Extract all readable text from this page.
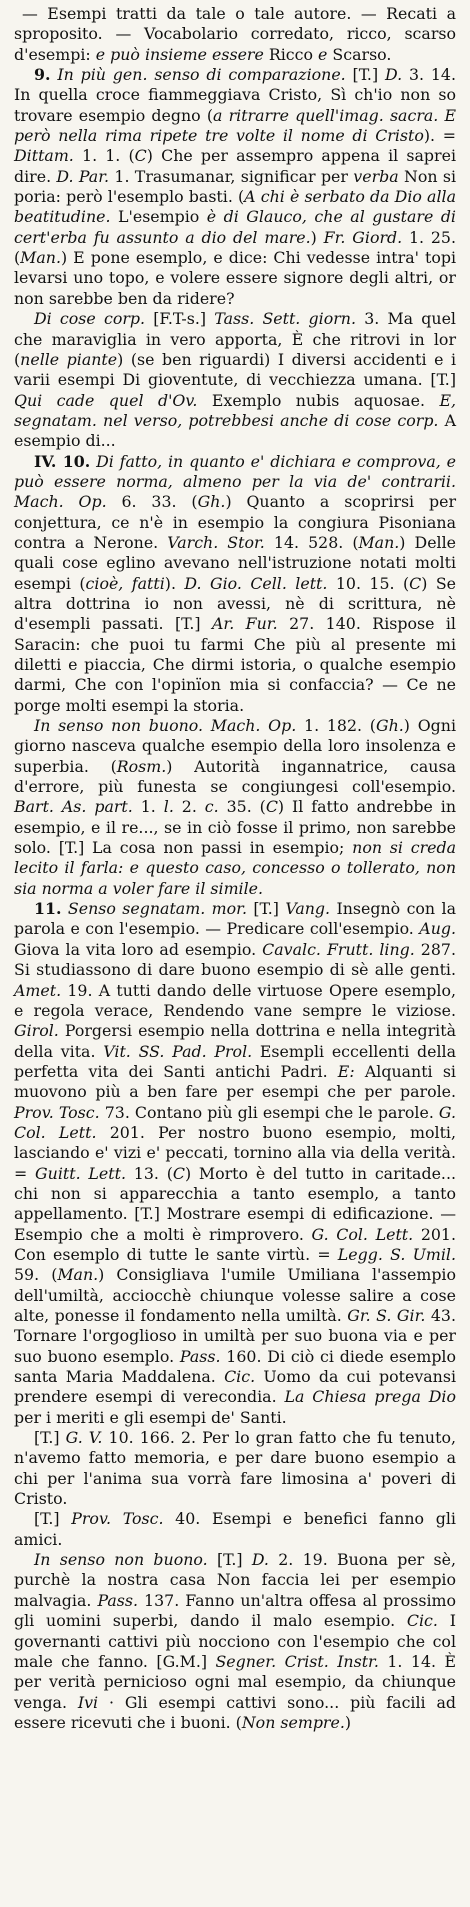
— Esempi tratti da tale o tale autore. — Recati a sproposito. — Vocabolario corredato, ricco, scarso d'esempi: e può insieme essere Ricco e Scarso.

9. In più gen. senso di comparazione. [T.] D. 3. 14. In quella croce fiammeggiava Cristo, Sì ch'io non so trovare esempio degno (a ritrarre quell'imag. sacra. E però nella rima ripete tre volte il nome di Cristo). = Dittam. 1. 1. (C) Che per assempro appena il saprei dire. D. Par. 1. Trasumanar, significar per verba Non si poria: però l'esemplo basti. (A chi è serbato da Dio alla beatitudine. L'esempio è di Glauco, che al gustare di cert'erba fu assunto a dio del mare.) Fr. Giord. 1. 25. (Man.) E pone esemplo, e dice: Chi vedesse intra' topi levarsi uno topo, e volere essere signore degli altri, or non sarebbe ben da ridere?

Di cose corp. [F.T-s.] Tass. Sett. giorn. 3. Ma quel che maraviglia in vero apporta, È che ritrovi in lor (nelle piante) (se ben riguardi) I diversi accidenti e i varii esempi Di gioventute, di vecchiezza umana. [T.] Qui cade quel d'Ov. Exemplo nubis aquosae. E, segnatam. nel verso, potrebbesi anche di cose corp. A esempio di...

IV. 10. Di fatto, in quanto e' dichiara e comprova, e può essere norma, almeno per la via de' contrarii. Mach. Op. 6. 33. (Gh.) Quanto a scoprirsi per conjettura, ce n'è in esempio la congiura Pisoniana contra a Nerone. Varch. Stor. 14. 528. (Man.) Delle quali cose eglino avevano nell'istruzione notati molti esempi (cioè, fatti). D. Gio. Cell. lett. 10. 15. (C) Se altra dottrina io non avessi, nè di scrittura, nè d'esempli passati. [T.] Ar. Fur. 27. 140. Rispose il Saracin: che puoi tu farmi Che più al presente mi diletti e piaccia, Che dirmi istoria, o qualche esempio darmi, Che con l'opinïon mia si confaccia? — Ce ne porge molti esempi la storia.

In senso non buono. Mach. Op. 1. 182. (Gh.) Ogni giorno nasceva qualche esempio della loro insolenza e superbia. (Rosm.) Autorità ingannatrice, causa d'errore, più funesta se congiungesi coll'esempio. Bart. As. part. 1. l. 2. c. 35. (C) Il fatto andrebbe in esempio, e il re..., se in ciò fosse il primo, non sarebbe solo. [T.] La cosa non passi in esempio; non si creda lecito il farla: e questo caso, concesso o tollerato, non sia norma a voler fare il simile.

11. Senso segnatam. mor. [T.] Vang. Insegnò con la parola e con l'esempio. — Predicare coll'esempio. Aug. Giova la vita loro ad esempio. Cavalc. Frutt. ling. 287. Si studiassono di dare buono esempio di sè alle genti. Amet. 19. A tutti dando delle virtuose Opere esemplo, e regola verace, Rendendo vane sempre le viziose. Girol. Porgersi esempio nella dottrina e nella integrità della vita. Vit. SS. Pad. Prol. Esempli eccellenti della perfetta vita dei Santi antichi Padri. E: Alquanti si muovono più a ben fare per esempi che per parole. Prov. Tosc. 73. Contano più gli esempi che le parole. G. Col. Lett. 201. Per nostro buono esempio, molti, lasciando e' vizi e' peccati, tornino alla via della verità. = Guitt. Lett. 13. (C) Morto è del tutto in caritade... chi non si apparecchia a tanto esemplo, a tanto appellamento. [T.] Mostrare esempi di edificazione. — Esempio che a molti è rimprovero. G. Col. Lett. 201. Con esemplo di tutte le sante virtù. = Legg. S. Umil. 59. (Man.) Consigliava l'umile Umiliana l'assempio dell'umiltà, acciocchè chiunque volesse salire a cose alte, ponesse il fondamento nella umiltà. Gr. S. Gir. 43. Tornare l'orgoglioso in umiltà per suo buona via e per suo buono esemplo. Pass. 160. Di ciò ci diede esemplo santa Maria Maddalena. Cic. Uomo da cui potevansi prendere esempi di verecondia. La Chiesa prega Dio per i meriti e gli esempi de' Santi.

[T.] G. V. 10. 166. 2. Per lo gran fatto che fu tenuto, n'avemo fatto memoria, e per dare buono esempio a chi per l'anima sua vorrà fare limosina a' poveri di Cristo.

[T.] Prov. Tosc. 40. Esempi e benefici fanno gli amici.

In senso non buono. [T.] D. 2. 19. Buona per sè, purchè la nostra casa Non faccia lei per esempio malvagia. Pass. 137. Fanno un'altra offesa al prossimo gli uomini superbi, dando il malo esempio. Cic. I governanti cattivi più nocciono con l'esempio che col male che fanno. [G.M.] Segner. Crist. Instr. 1. 14. È per verità pernicioso ogni mal esempio, da chiunque venga. Ivi · Gli esempi cattivi sono... più facili ad essere ricevuti che i buoni. (Non sempre.)
